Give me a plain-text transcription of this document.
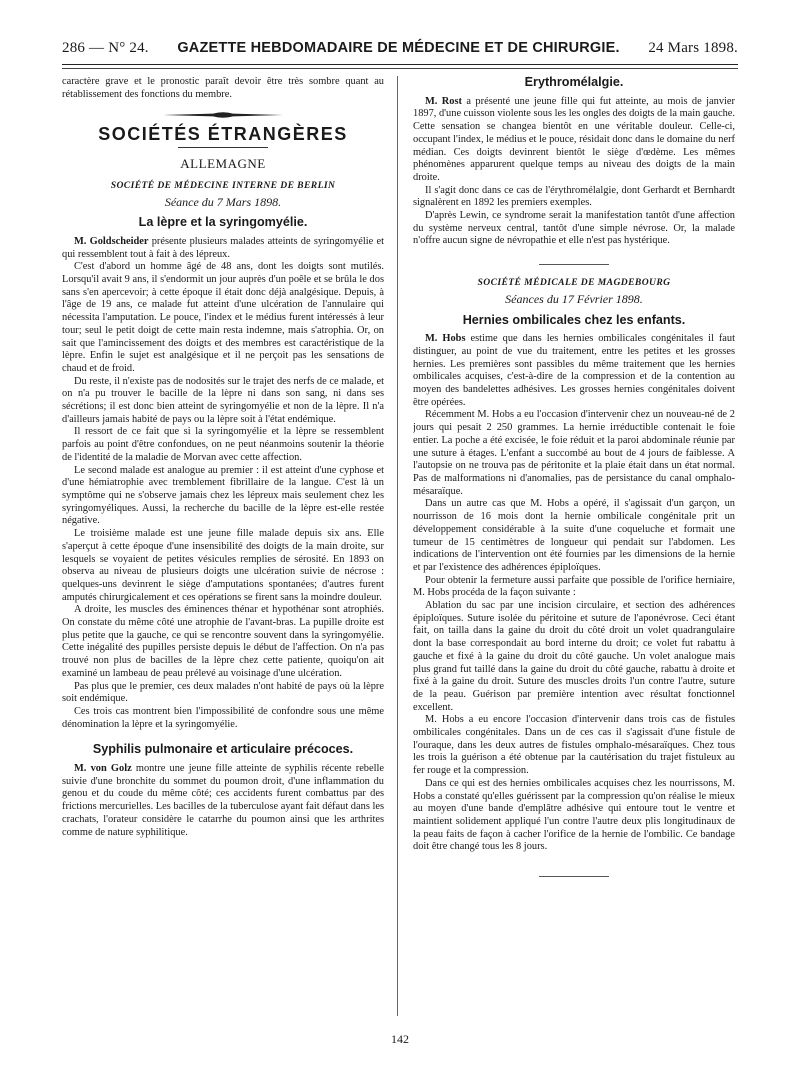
286 — N° 24. GAZETTE HEBDOMADAIRE DE MÉDECINE ET DE CHIRURGIE. 24 Mars 1898.

caractère grave et le pronostic paraît devoir être très sombre quant au rétablissement des fonctions du membre.

SOCIÉTÉS ÉTRANGÈRES
ALLEMAGNE
SOCIÉTÉ DE MÉDECINE INTERNE DE BERLIN
Séance du 7 Mars 1898.
La lèpre et la syringomyélie.

M. Goldscheider présente plusieurs malades atteints de syringomyélie et qui ressemblent tout à fait à des lépreux.

C'est d'abord un homme âgé de 48 ans, dont les doigts sont mutilés. Lorsqu'il avait 9 ans, il s'endormit un jour auprès d'un poêle et se brûla le dos sans s'en apercevoir; à cette époque il était donc déjà analgésique. Depuis, à l'âge de 19 ans, ce malade fut atteint d'une ulcération de l'annulaire qui nécessita l'amputation. Le pouce, l'index et le médius furent intéressés à leur tour; seul le petit doigt de cette main resta indemne, mais s'atrophia. Or, on sait que l'amincissement des doigts et des membres est caractéristique de la lèpre. Enfin le sujet est analgésique et il ne perçoit pas les sensations de chaud et de froid.

Du reste, il n'existe pas de nodosités sur le trajet des nerfs de ce malade, et on n'a pu trouver le bacille de la lèpre ni dans son sang, ni dans ses sécrétions; il est donc bien atteint de syringomyélie et non de la lèpre. Il n'a d'ailleurs jamais habité de pays ou la lèpre soit à l'état endémique.

Il ressort de ce fait que si la syringomyélie et la lèpre se ressemblent parfois au point d'être confondues, on ne peut néanmoins soutenir la théorie de l'identité de la maladie de Morvan avec cette affection.

Le second malade est analogue au premier : il est atteint d'une cyphose et d'une hémiatrophie avec tremblement fibrillaire de la langue. C'est là un symptôme qui ne s'observe jamais chez les lépreux mais seulement chez les syringomyéliques. Aussi, la recherche du bacille de la lèpre est-elle restée négative.

Le troisième malade est une jeune fille malade depuis six ans. Elle s'aperçut à cette époque d'une insensibilité des doigts de la main droite, sur lesquels se voyaient de petites vésicules remplies de sérosité. En 1893 on observa au niveau de plusieurs doigts une ulcération suivie de nécrose : quelques-uns devinrent le siège d'amputations spontanées; d'autres furent amputés chirurgicalement et ces opérations se firent sans la moindre douleur.

A droite, les muscles des éminences thénar et hypothénar sont atrophiés. On constate du même côté une atrophie de l'avant-bras. La pupille droite est plus petite que la gauche, ce qui se rencontre souvent dans la syringomyélie. Cette inégalité des pupilles persiste depuis le début de l'affection. On n'a pas trouvé non plus de bacilles de la lèpre chez cette patiente, quoiqu'on ait examiné un lambeau de peau prélevé au voisinage d'une ulcération.

Pas plus que le premier, ces deux malades n'ont habité de pays où la lèpre soit endémique.

Ces trois cas montrent bien l'impossibilité de confondre sous une même dénomination la lèpre et la syringomyélie.

Syphilis pulmonaire et articulaire précoces.

M. von Golz montre une jeune fille atteinte de syphilis récente rebelle suivie d'une bronchite du sommet du poumon droit, d'une inflammation du genou et du coude du même côté; ces accidents furent combattus par des frictions mercurielles. Les bacilles de la tuberculose ayant fait défaut dans les crachats, l'orateur considère le catarrhe du poumon ainsi que les arthrites comme de nature syphilitique.

Érythromélalgie.

M. Rost a présenté une jeune fille qui fut atteinte, au mois de janvier 1897, d'une cuisson violente sous les les ongles des doigts de la main gauche. Cette sensation se changea bientôt en une véritable douleur. Celle-ci, occupant l'index, le médius et le pouce, résidait donc dans le domaine du nerf médian. Ces doigts devinrent bientôt le siège d'œdème. Les mêmes phénomènes apparurent quelque temps au niveau des doigts de la main droite.

Il s'agit donc dans ce cas de l'érythromélalgie, dont Gerhardt et Bernhardt signalèrent en 1892 les premiers exemples.

D'après Lewin, ce syndrome serait la manifestation tantôt d'une affection du système nerveux central, tantôt d'une simple névrose. Or, la malade n'offre aucun signe de névropathie et elle n'est pas hystérique.

SOCIÉTÉ MÉDICALE DE MAGDEBOURG
Séances du 17 Février 1898.
Hernies ombilicales chez les enfants.

M. Hobs estime que dans les hernies ombilicales congénitales il faut distinguer, au point de vue du traitement, entre les petites et les grosses hernies. Les premières sont passibles du même traitement que les hernies ombilicales acquises, c'est-à-dire de la compression et de la contention au moyen des bandelettes adhésives. Les grosses hernies congénitales doivent être opérées.

Récemment M. Hobs a eu l'occasion d'intervenir chez un nouveau-né de 2 jours qui pesait 2 250 grammes. La hernie irréductible contenait le foie entier. La poche a été excisée, le foie réduit et la paroi abdominale réunie par une suture à étages. L'enfant a succombé au bout de 4 jours de faiblesse. A l'autopsie on ne trouva pas de péritonite et la plaie était dans un état normal. Pas de malformations ni d'anomalies, pas de persistance du canal omphalo-mésaraïque.

Dans un autre cas que M. Hobs a opéré, il s'agissait d'un garçon, un nourrisson de 16 mois dont la hernie ombilicale congénitale prit un développement considérable à la suite d'une coqueluche et formait une tumeur de 15 centimètres de longueur qui pendait sur l'abdomen. Les indications de l'intervention ont été fournies par les dimensions de la hernie et par l'existence des adhérences épiploïques.

Pour obtenir la fermeture aussi parfaite que possible de l'orifice herniaire, M. Hobs procéda de la façon suivante :

Ablation du sac par une incision circulaire, et section des adhérences épiploïques. Suture isolée du péritoine et suture de l'aponévrose. Ceci étant fait, on tailla dans la gaine du droit du côté droit un volet quadrangulaire dont la base correspondait au bord interne du droit; ce volet fut rabattu à gauche et fixé à la gaine du droit du côté gauche. Un volet analogue mais plus grand fut taillé dans la gaine du droit du côté gauche, rabattu à droite et fixé à la gaine du droit. Suture des muscles droits l'un contre l'autre, suture de la peau. Guérison par première intention avec résultat fonctionnel excellent.

M. Hobs a eu encore l'occasion d'intervenir dans trois cas de fistules ombilicales congénitales. Dans un de ces cas il s'agissait d'une fistule de l'ouraque, dans les deux autres de fistules omphalo-mésaraïques. Chez tous les trois la guérison a été obtenue par la cautérisation du trajet fistuleux au fer rouge et la compression.

Dans ce qui est des hernies ombilicales acquises chez les nourrissons, M. Hobs a constaté qu'elles guérissent par la compression qu'on réalise le mieux au moyen d'une bande d'emplâtre adhésive qui entoure tout le ventre et maintient solidement appliqué l'un contre l'autre deux plis longitudinaux de la peau faits de façon à cacher l'orifice de la hernie de l'ombilic. Ce bandage doit être changé tous les 8 jours.

142
